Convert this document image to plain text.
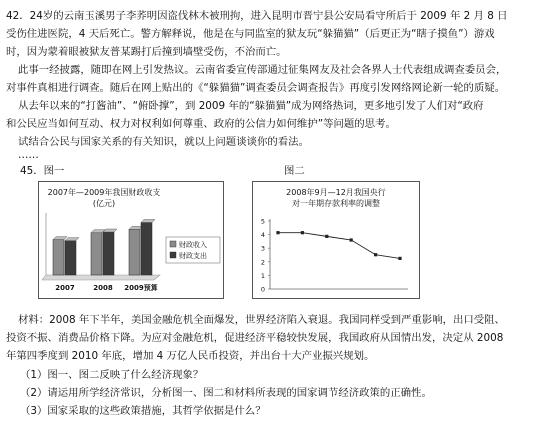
42．24岁的云南玉溪男子李荞明因盗伐林木被刑拘，进入昆明市晋宁县公安局看守所后于 2009 年 2 月 8 日
受伤住进医院，4 天后死亡。警方解释说，他是在与同监室的狱友玩“躲猫猫”（后更正为“瞎子摸鱼”）游戏
时，因为蒙着眼被狱友普某踢打后撞到墙壁受伤，不治而亡。
此事一经披露，随即在网上引发热议。云南省委宣传部通过征集网友及社会各界人士代表组成调查委员会，
对事件真相进行调查。随后在网上贴出的《“躲猫猫”调查委员会调查报告》再度引发网络网论新一轮的质疑。
从去年以来的“打酱油”、“俯卧撑”，到 2009 年的“躲猫猫”成为网络热词，更多地引发了人们对“政府
和公民应当如何互动、权力对权利如何尊重、政府的公信力如何维护”等问题的思考。
试结合公民与国家关系的有关知识，就以上问题谈谈你的看法。
……
45．图一	图二
2007年—2009年我国财政收支
(亿元)
2007	2008 2009预算
财政收入
财政支出
2008年9月—12月我国央行
对一年期存款利率的调整
0
1
2
3
4
5
材料：2008 年下半年，美国金融危机全面爆发，世界经济陷入衰退。我国同样受到严重影响，出口受阻、
投资不振、消费品价格下降。为应对金融危机，促进经济平稳较快发展，我国政府从国情出发，决定从 2008
年第四季度到 2010 年底，增加 4 万亿人民币投资，并出台十大产业振兴规划。
（1）图一、图二反映了什么经济现象？
（2）请运用所学经济常识，分析图一、图二和材料所表现的国家调节经济政策的正确性。
（3）国家采取的这些政策措施，其哲学依据是什么？
